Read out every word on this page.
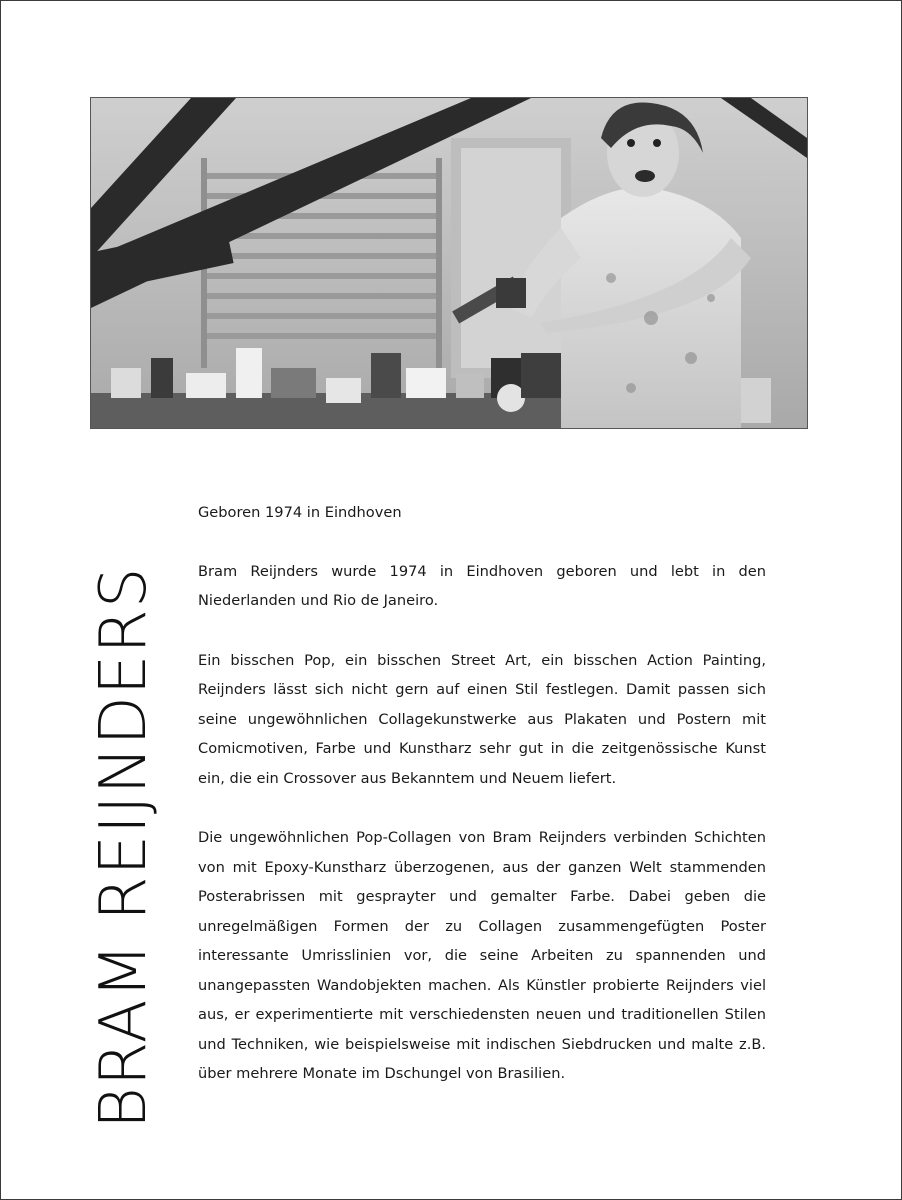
BRAM REIJNDERS

Geboren 1974 in Eindhoven

Bram Reijnders wurde 1974 in Eindhoven geboren und lebt in den Niederlanden und Rio de Janeiro.

Ein bisschen Pop, ein bisschen Street Art, ein bisschen Action Painting, Reijnders lässt sich nicht gern auf einen Stil festlegen. Damit passen sich seine ungewöhnlichen Collagekunstwerke aus Plakaten und Postern mit Comicmotiven, Farbe und Kunstharz sehr gut in die zeitgenössische Kunst ein, die ein Crossover aus Bekanntem und Neuem liefert.

Die ungewöhnlichen Pop-Collagen von Bram Reijnders verbinden Schichten von mit Epoxy-Kunstharz überzogenen, aus der ganzen Welt stammenden Posterabrissen mit gesprayter und gemalter Farbe. Dabei geben die unregelmäßigen Formen der zu Collagen zusammengefügten Poster interessante Umrisslinien vor, die seine Arbeiten zu spannenden und unangepassten Wandobjekten machen. Als Künstler probierte Reijnders viel aus, er experimentierte mit verschiedensten neuen und traditionellen Stilen und Techniken, wie beispielsweise mit indischen Siebdrucken und malte z.B. über mehrere Monate im Dschungel von Brasilien.
